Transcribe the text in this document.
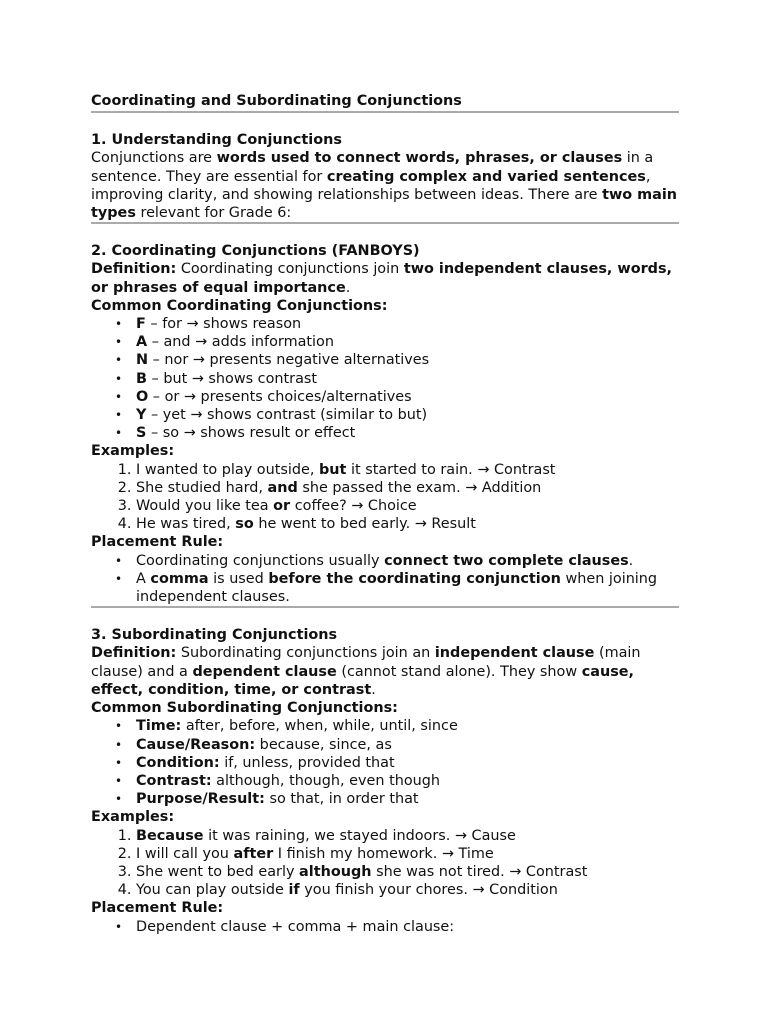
Coordinating and Subordinating Conjunctions

1. Understanding Conjunctions

Conjunctions are words used to connect words, phrases, or clauses in a sentence. They are essential for creating complex and varied sentences, improving clarity, and showing relationships between ideas. There are two main types relevant for Grade 6:

2. Coordinating Conjunctions (FANBOYS)

Definition: Coordinating conjunctions join two independent clauses, words, or phrases of equal importance.

Common Coordinating Conjunctions:

• F – for → shows reason
• A – and → adds information
• N – nor → presents negative alternatives
• B – but → shows contrast
• O – or → presents choices/alternatives
• Y – yet → shows contrast (similar to but)
• S – so → shows result or effect

Examples:

1. I wanted to play outside, but it started to rain. → Contrast
2. She studied hard, and she passed the exam. → Addition
3. Would you like tea or coffee? → Choice
4. He was tired, so he went to bed early. → Result

Placement Rule:

• Coordinating conjunctions usually connect two complete clauses.
• A comma is used before the coordinating conjunction when joining independent clauses.

3. Subordinating Conjunctions

Definition: Subordinating conjunctions join an independent clause (main clause) and a dependent clause (cannot stand alone). They show cause, effect, condition, time, or contrast.

Common Subordinating Conjunctions:

• Time: after, before, when, while, until, since
• Cause/Reason: because, since, as
• Condition: if, unless, provided that
• Contrast: although, though, even though
• Purpose/Result: so that, in order that

Examples:

1. Because it was raining, we stayed indoors. → Cause
2. I will call you after I finish my homework. → Time
3. She went to bed early although she was not tired. → Contrast
4. You can play outside if you finish your chores. → Condition

Placement Rule:

• Dependent clause + comma + main clause:
